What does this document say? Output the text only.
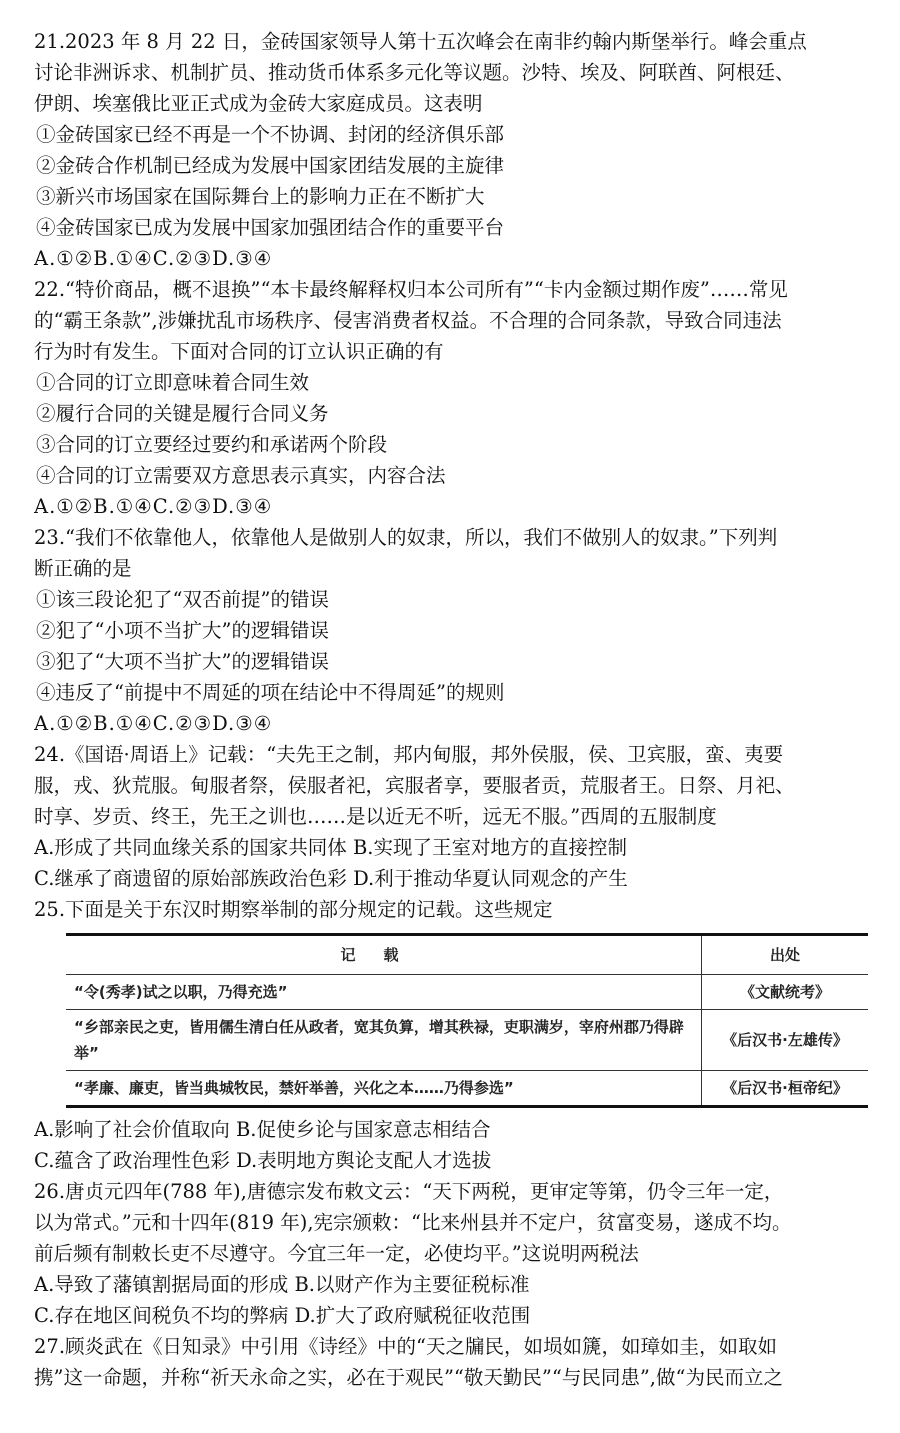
21.2023 年 8 月 22 日，金砖国家领导人第十五次峰会在南非约翰内斯堡举行。峰会重点
讨论非洲诉求、机制扩员、推动货币体系多元化等议题。沙特、埃及、阿联酋、阿根廷、
伊朗、埃塞俄比亚正式成为金砖大家庭成员。这表明
①金砖国家已经不再是一个不协调、封闭的经济俱乐部
②金砖合作机制已经成为发展中国家团结发展的主旋律
③新兴市场国家在国际舞台上的影响力正在不断扩大
④金砖国家已成为发展中国家加强团结合作的重要平台
A.①②B.①④C.②③D.③④
22.“特价商品，概不退换”“本卡最终解释权归本公司所有”“卡内金额过期作废”……常见
的“霸王条款”,涉嫌扰乱市场秩序、侵害消费者权益。不合理的合同条款，导致合同违法
行为时有发生。下面对合同的订立认识正确的有
①合同的订立即意味着合同生效
②履行合同的关键是履行合同义务
③合同的订立要经过要约和承诺两个阶段
④合同的订立需要双方意思表示真实，内容合法
A.①②B.①④C.②③D.③④
23.“我们不依靠他人，依靠他人是做别人的奴隶，所以，我们不做别人的奴隶。”下列判
断正确的是
①该三段论犯了“双否前提”的错误
②犯了“小项不当扩大”的逻辑错误
③犯了“大项不当扩大”的逻辑错误
④违反了“前提中不周延的项在结论中不得周延”的规则
A.①②B.①④C.②③D.③④
24.《国语·周语上》记载：“夫先王之制，邦内甸服，邦外侯服，侯、卫宾服，蛮、夷要
服，戎、狄荒服。甸服者祭，侯服者祀，宾服者享，要服者贡，荒服者王。日祭、月祀、
时享、岁贡、终王，先王之训也……是以近无不听，远无不服。”西周的五服制度
A.形成了共同血缘关系的国家共同体 B.实现了王室对地方的直接控制
C.继承了商遗留的原始部族政治色彩 D.利于推动华夏认同观念的产生
25.下面是关于东汉时期察举制的部分规定的记载。这些规定
记载	出处
“令(秀孝)试之以职，乃得充选”	《文献统考》
“乡部亲民之吏，皆用儒生清白任从政者，宽其负算，增其秩禄，吏职满岁，宰府州郡乃得辟举”	《后汉书·左雄传》
“孝廉、廉吏，皆当典城牧民，禁奸举善，兴化之本……乃得参选”	《后汉书·桓帝纪》
A.影响了社会价值取向 B.促使乡论与国家意志相结合
C.蕴含了政治理性色彩 D.表明地方舆论支配人才选拔
26.唐贞元四年(788 年),唐德宗发布敕文云：“天下两税，更审定等第，仍令三年一定，
以为常式。”元和十四年(819 年),宪宗颁敕：“比来州县并不定户，贫富变易，遂成不均。
前后频有制敕长吏不尽遵守。今宜三年一定，必使均平。”这说明两税法
A.导致了藩镇割据局面的形成 B.以财产作为主要征税标准
C.存在地区间税负不均的弊病 D.扩大了政府赋税征收范围
27.顾炎武在《日知录》中引用《诗经》中的“天之牖民，如埙如篪，如璋如圭，如取如
携”这一命题，并称“祈天永命之实，必在于观民”“敬天勤民”“与民同患”,做“为民而立之
